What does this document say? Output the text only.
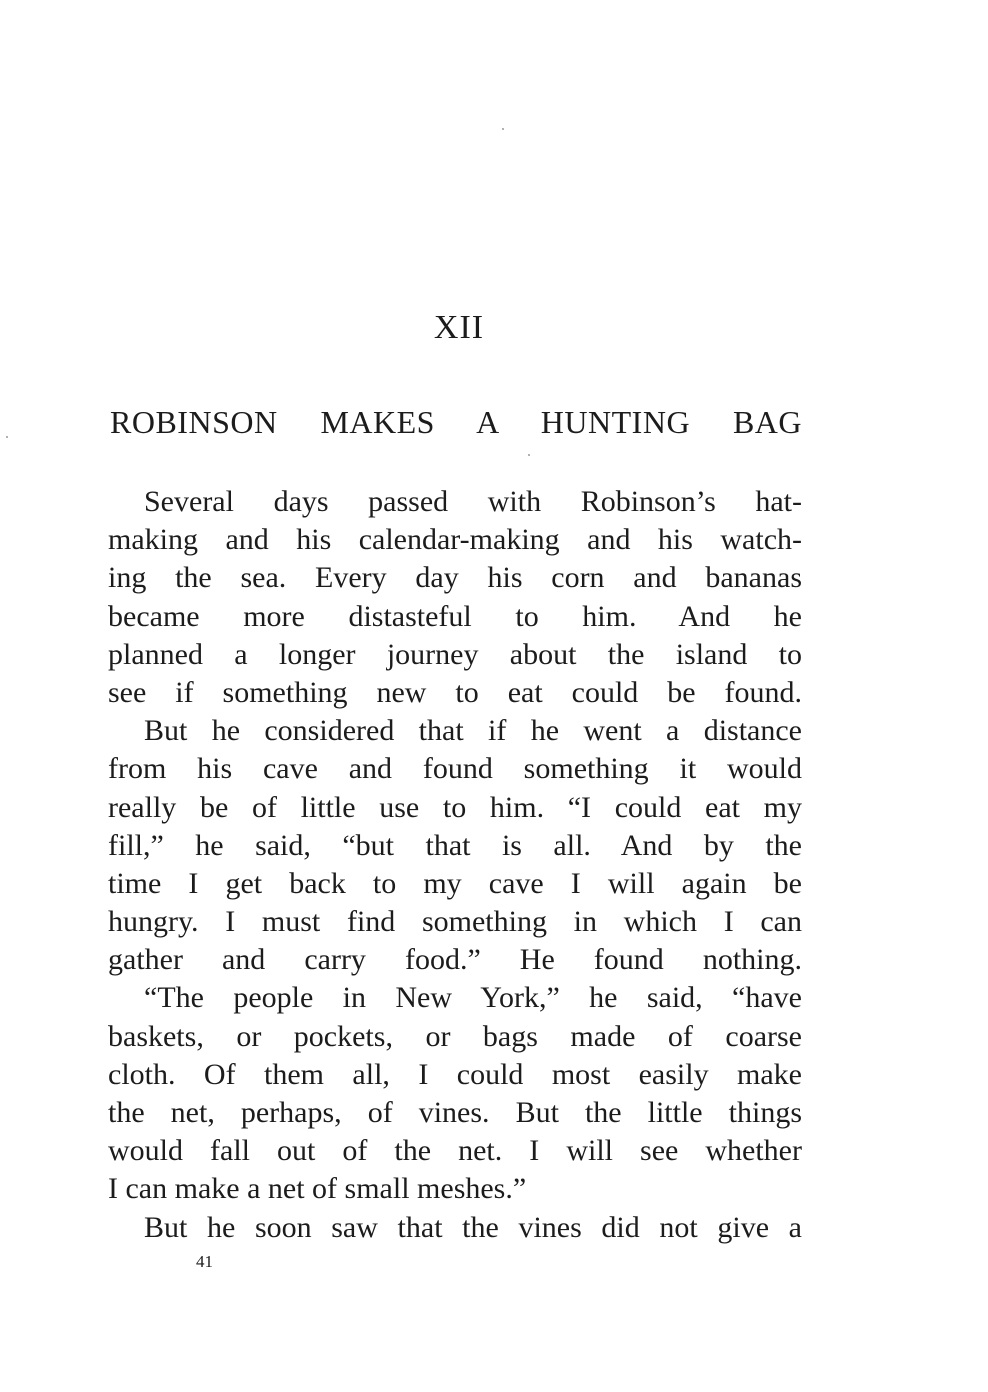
XII
ROBINSON MAKES A HUNTING BAG
Several days passed with Robinson’s hat-
making and his calendar-making and his watch-
ing the sea. Every day his corn and bananas
became more distasteful to him. And he
planned a longer journey about the island to
see if something new to eat could be found.
But he considered that if he went a distance
from his cave and found something it would
really be of little use to him. “I could eat my
fill,” he said, “but that is all. And by the
time I get back to my cave I will again be
hungry. I must find something in which I can
gather and carry food.” He found nothing.
“The people in New York,” he said, “have
baskets, or pockets, or bags made of coarse
cloth. Of them all, I could most easily make
the net, perhaps, of vines. But the little things
would fall out of the net. I will see whether
I can make a net of small meshes.”
But he soon saw that the vines did not give a
41
